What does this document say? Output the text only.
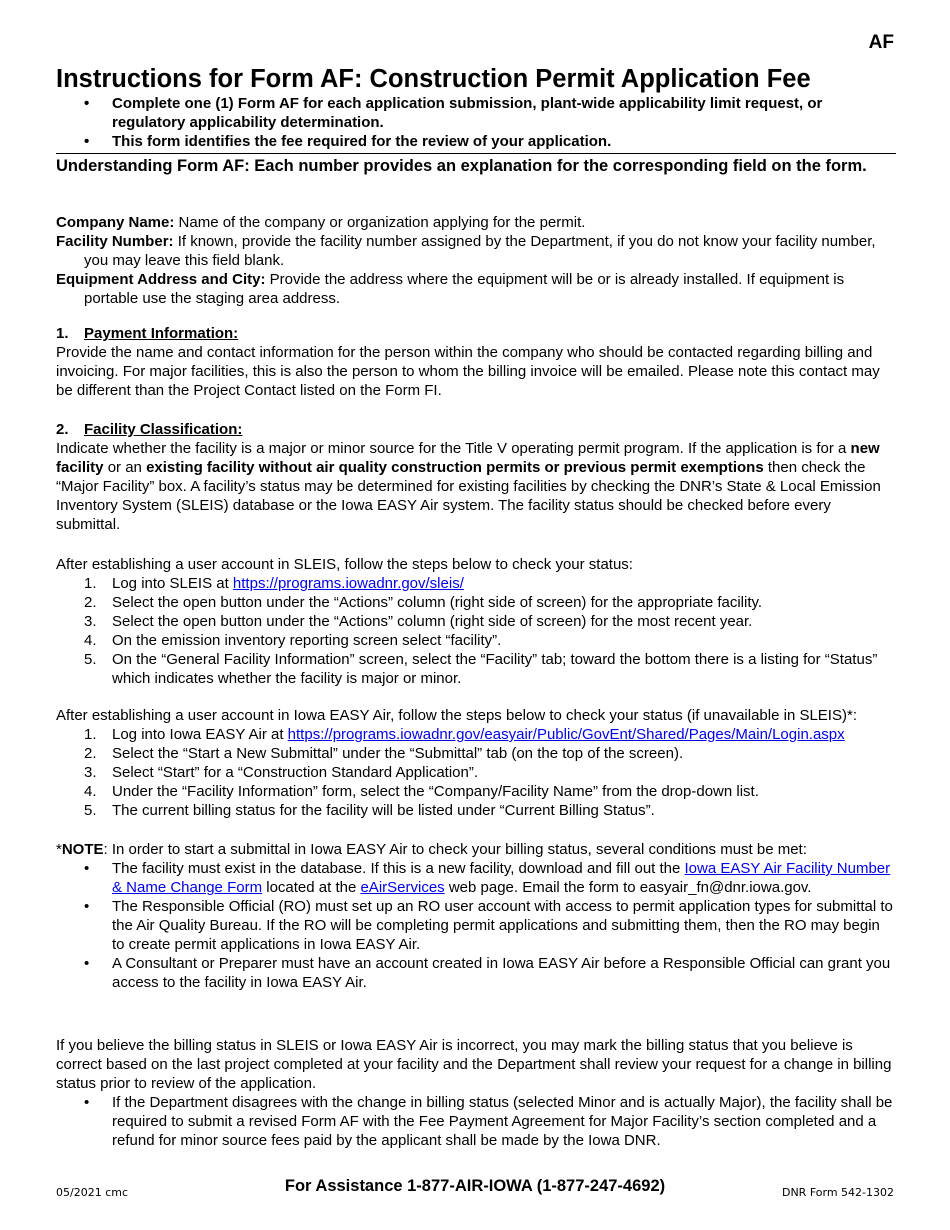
AF
Instructions for Form AF: Construction Permit Application Fee
• Complete one (1) Form AF for each application submission, plant-wide applicability limit request, or regulatory applicability determination.
• This form identifies the fee required for the review of your application.
Understanding Form AF: Each number provides an explanation for the corresponding field on the form.

Company Name: Name of the company or organization applying for the permit.

Facility Number: If known, provide the facility number assigned by the Department, if you do not know your facility number, you may leave this field blank.

Equipment Address and City: Provide the address where the equipment will be or is already installed. If equipment is portable use the staging area address.

1. Payment Information:

Provide the name and contact information for the person within the company who should be contacted regarding billing and invoicing. For major facilities, this is also the person to whom the billing invoice will be emailed. Please note this contact may be different than the Project Contact listed on the Form FI.

2. Facility Classification:

Indicate whether the facility is a major or minor source for the Title V operating permit program. If the application is for a new facility or an existing facility without air quality construction permits or previous permit exemptions then check the “Major Facility” box. A facility’s status may be determined for existing facilities by checking the DNR’s State & Local Emission Inventory System (SLEIS) database or the Iowa EASY Air system. The facility status should be checked before every submittal.

After establishing a user account in SLEIS, follow the steps below to check your status:

1. Log into SLEIS at https://programs.iowadnr.gov/sleis/
2. Select the open button under the “Actions” column (right side of screen) for the appropriate facility.
3. Select the open button under the “Actions” column (right side of screen) for the most recent year.
4. On the emission inventory reporting screen select “facility”.
5. On the “General Facility Information” screen, select the “Facility” tab; toward the bottom there is a listing for “Status” which indicates whether the facility is major or minor.

After establishing a user account in Iowa EASY Air, follow the steps below to check your status (if unavailable in SLEIS)*:

1. Log into Iowa EASY Air at https://programs.iowadnr.gov/easyair/Public/GovEnt/Shared/Pages/Main/Login.aspx
2. Select the “Start a New Submittal” under the “Submittal” tab (on the top of the screen).
3. Select “Start” for a “Construction Standard Application”.
4. Under the “Facility Information” form, select the “Company/Facility Name” from the drop-down list.
5. The current billing status for the facility will be listed under “Current Billing Status”.

*NOTE: In order to start a submittal in Iowa EASY Air to check your billing status, several conditions must be met:

• The facility must exist in the database. If this is a new facility, download and fill out the Iowa EASY Air Facility Number & Name Change Form located at the eAirServices web page. Email the form to easyair_fn@dnr.iowa.gov.
• The Responsible Official (RO) must set up an RO user account with access to permit application types for submittal to the Air Quality Bureau. If the RO will be completing permit applications and submitting them, then the RO may begin to create permit applications in Iowa EASY Air.
• A Consultant or Preparer must have an account created in Iowa EASY Air before a Responsible Official can grant you access to the facility in Iowa EASY Air.

If you believe the billing status in SLEIS or Iowa EASY Air is incorrect, you may mark the billing status that you believe is correct based on the last project completed at your facility and the Department shall review your request for a change in billing status prior to review of the application.

• If the Department disagrees with the change in billing status (selected Minor and is actually Major), the facility shall be required to submit a revised Form AF with the Fee Payment Agreement for Major Facility’s section completed and a refund for minor source fees paid by the applicant shall be made by the Iowa DNR.
05/2021 cmc	For Assistance 1-877-AIR-IOWA (1-877-247-4692)	DNR Form 542-1302
